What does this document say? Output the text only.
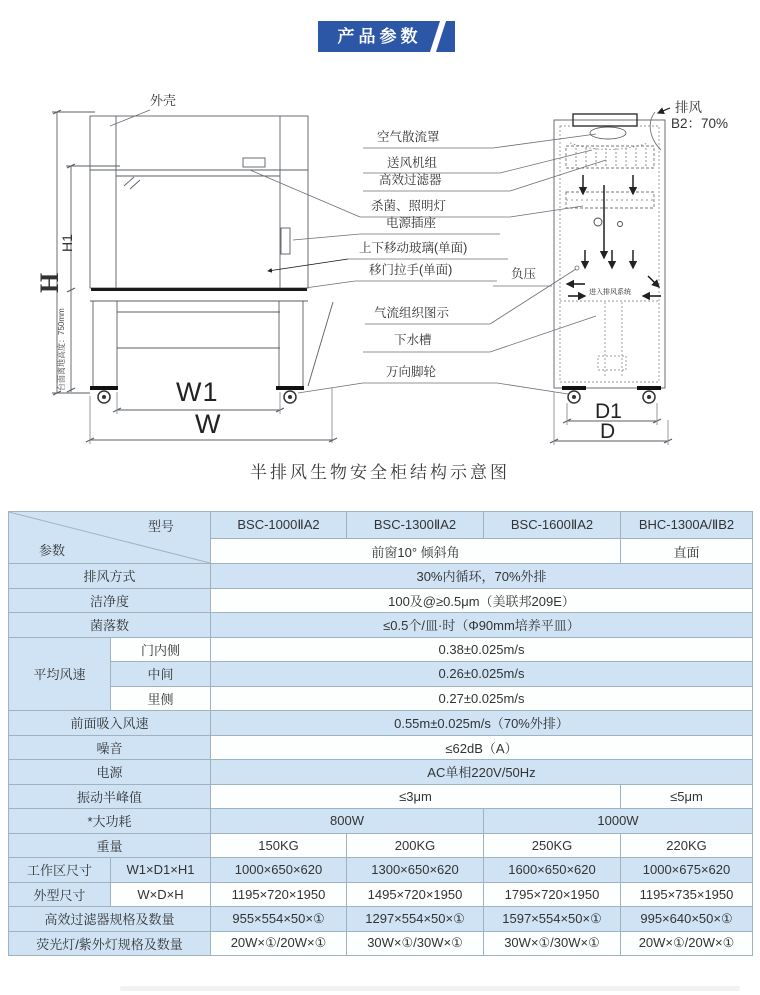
产品参数
外壳
空气散流罩
送风机组
高效过滤器
杀菌、照明灯
电源插座
上下移动玻璃(单面)
移门拉手(单面)	负压
气流组织图示
下水槽
万向脚轮
排风
B2：70%
进入排风系统
W1
W	D1
D
H
H1
台面离地高度：750mm
半排风生物安全柜结构示意图
型号
参数		BSC-1000ⅡA2	BSC-1300ⅡA2	BSC-1600ⅡA2	BHC-1300A/ⅡB2
		前窗10° 倾斜角			直面
排风方式		30%内循环，70%外排			
洁净度		100及@≥0.5μm（美联邦209E）			
菌落数		≤0.5个/皿·时（Φ90mm培养平皿）			
平均风速	门内侧	0.38±0.025m/s			
	中间	0.26±0.025m/s			
	里侧	0.27±0.025m/s			
前面吸入风速		0.55m±0.025m/s（70%外排）			
噪音		≤62dB（A）			
电源		AC单相220V/50Hz			
振动半峰值		≤3μm			≤5μm
*大功耗		800W		1000W	
重量		150KG	200KG	250KG	220KG
工作区尺寸	W1×D1×H1	1000×650×620	1300×650×620	1600×650×620	1000×675×620
外型尺寸	W×D×H	1195×720×1950	1495×720×1950	1795×720×1950	1195×735×1950
高效过滤器规格及数量		955×554×50×①	1297×554×50×①	1597×554×50×①	995×640×50×①
荧光灯/紫外灯规格及数量		20W×①/20W×①	30W×①/30W×①	30W×①/30W×①	20W×①/20W×①
